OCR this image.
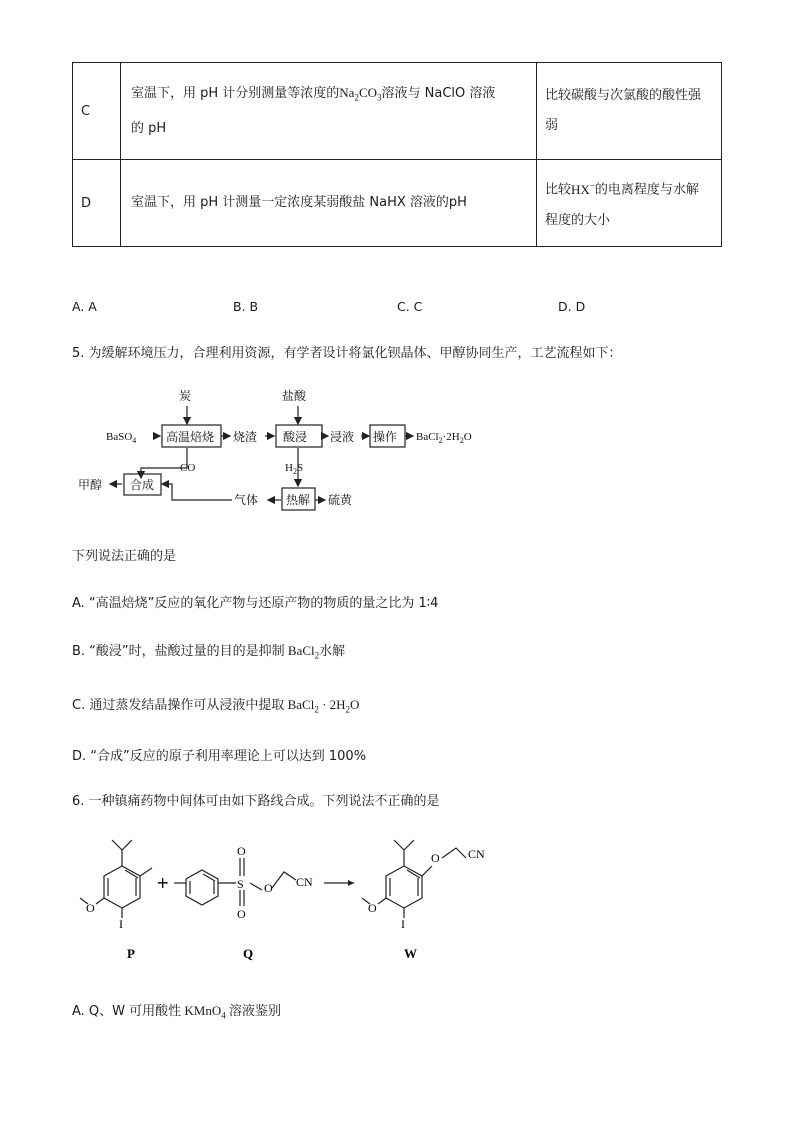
C	室温下，用 pH 计分别测量等浓度的$Na_2CO_3$溶液与 NaClO 溶液
的 pH	比较碳酸与次氯酸的酸性强
弱
D	室温下，用 pH 计测量一定浓度某弱酸盐 NaHX 溶液的pH	比较HX−的电离程度与水解
程度的大小
A. A	B. B	C. C	D. D
5. 为缓解环境压力，合理利用资源，有学者设计将氯化钡晶体、甲醇协同生产，工艺流程如下：
炭	盐酸
BaSO$_4$ 高温焙烧 烧渣 酸浸 浸液 操作 $BaCl_2\cdot 2H_2O$
CO	$H_2S$
甲醇 合成
气体 热解 硫黄
下列说法正确的是
A. “高温焙烧”反应的氧化产物与还原产物的物质的量之比为 1∶4
B. “酸浸”时，盐酸过量的目的是抑制 BaCl$_2$水解
C. 通过蒸发结晶操作可从浸液中提取 BaCl$_2$ · $2H_2O$
D. “合成”反应的原子利用率理论上可以达到 100%
6. 一种镇痛药物中间体可由如下路线合成。下列说法不正确的是
I
O
+	S
O
O
O CN
O CN
I
O
P	Q	W
A. Q、W 可用酸性 KMnO$_4$ 溶液鉴别
